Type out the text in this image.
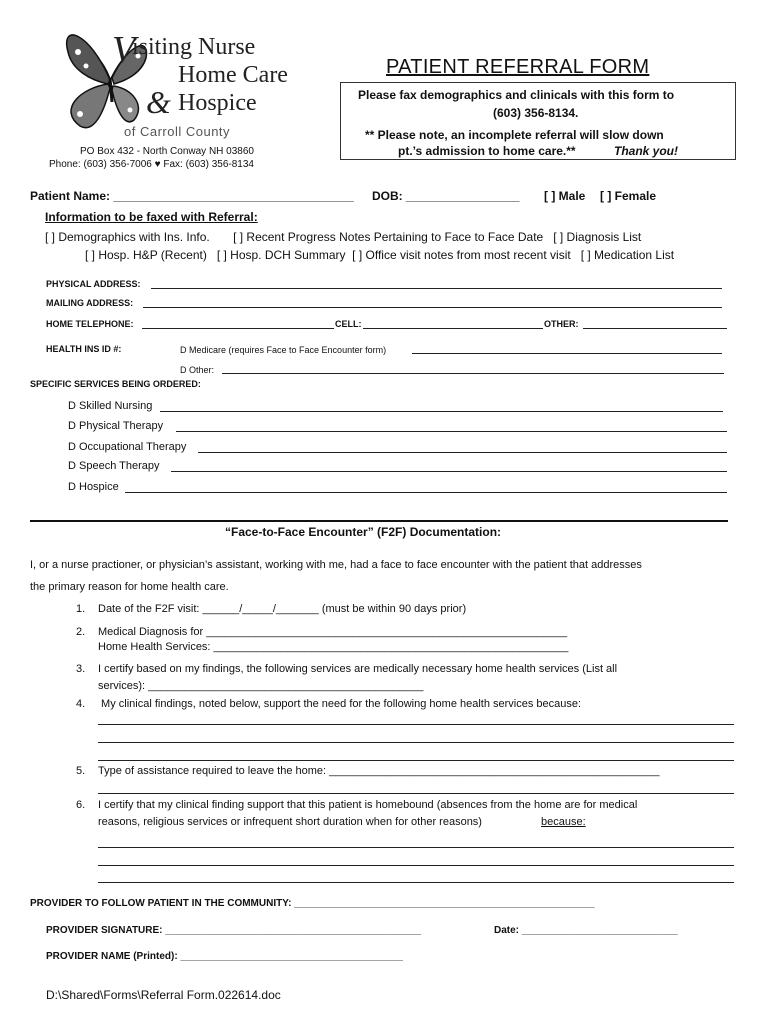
V
isiting Nurse
Home Care
& Hospice
of Carroll County
PO Box 432 - North Conway NH 03860
Phone: (603) 356-7006 ♥ Fax: (603) 356-8134
PATIENT REFERRAL FORM
Please fax demographics and clinicals with this form to
(603) 356-8134.
** Please note, an incomplete referral will slow down
pt.’s admission to home care.**	Thank you!
Patient Name: ____________________________________ DOB: _________________ [ ] Male [ ] Female
Information to be faxed with Referral:
[ ] Demographics with Ins. Info.       [ ] Recent Progress Notes Pertaining to Face to Face Date   [ ] Diagnosis List
[ ] Hosp. H&P (Recent)   [ ] Hosp. DCH Summary  [ ] Office visit notes from most recent visit   [ ] Medication List
PHYSICAL ADDRESS:
MAILING ADDRESS:
HOME TELEPHONE:	CELL:	OTHER:
HEALTH INS ID #:	D Medicare (requires Face to Face Encounter form)
D Other:
SPECIFIC SERVICES BEING ORDERED:
D Skilled Nursing
D Physical Therapy
D Occupational Therapy
D Speech Therapy
D Hospice
“Face-to-Face Encounter” (F2F) Documentation:
I, or a nurse practioner, or physician’s assistant, working with me, had a face to face encounter with the patient that addresses
the primary reason for home health care.
1. Date of the F2F visit: ______/_____/_______ (must be within 90 days prior)
2. Medical Diagnosis for ___________________________________________________________
Home Health Services: __________________________________________________________
3. I certify based on my findings, the following services are medically necessary home health services (List all
services): _____________________________________________
4. My clinical findings, noted below, support the need for the following home health services because:
5. Type of assistance required to leave the home: ______________________________________________________
6. I certify that my clinical finding support that this patient is homebound (absences from the home are for medical
reasons, religious services or infrequent short duration when for other reasons)	because:
PROVIDER TO FOLLOW PATIENT IN THE COMMUNITY: ______________________________________________________
PROVIDER SIGNATURE: ______________________________________________	Date: ____________________________
PROVIDER NAME (Printed): ________________________________________
D:\Shared\Forms\Referral Form.022614.doc
